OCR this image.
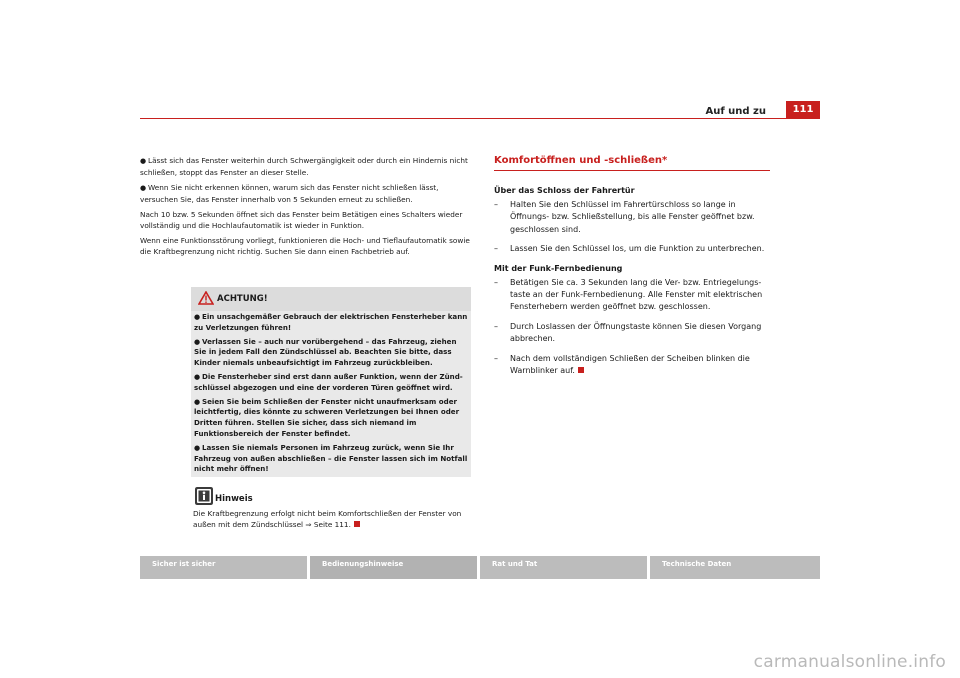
Auf und zu	111

● Lässt sich das Fenster weiterhin durch Schwergängigkeit oder durch ein Hindernis nicht schließen, stoppt das Fenster an dieser Stelle.

● Wenn Sie nicht erkennen können, warum sich das Fenster nicht schließen lässt, versuchen Sie, das Fenster innerhalb von 5 Sekunden erneut zu schließen.

Nach 10 bzw. 5 Sekunden öffnet sich das Fenster beim Betätigen eines Schalters wieder vollständig und die Hochlaufautomatik ist wieder in Funktion.

Wenn eine Funktionsstörung vorliegt, funktionieren die Hoch- und Tieflaufautomatik sowie die Kraftbegrenzung nicht richtig. Suchen Sie dann einen Fachbetrieb auf.

ACHTUNG!

● Ein unsachgemäßer Gebrauch der elektrischen Fensterheber kann zu Verletzungen führen!

● Verlassen Sie – auch nur vorübergehend – das Fahrzeug, ziehen Sie in jedem Fall den Zündschlüssel ab. Beachten Sie bitte, dass Kinder niemals unbeaufsichtigt im Fahrzeug zurückbleiben.

● Die Fensterheber sind erst dann außer Funktion, wenn der Zündschlüssel abgezogen und eine der vorderen Türen geöffnet wird.

● Seien Sie beim Schließen der Fenster nicht unaufmerksam oder leichtfertig, dies könnte zu schweren Verletzungen bei Ihnen oder Dritten führen. Stellen Sie sicher, dass sich niemand im Funktionsbereich der Fenster befindet.

● Lassen Sie niemals Personen im Fahrzeug zurück, wenn Sie Ihr Fahrzeug von außen abschließen – die Fenster lassen sich im Notfall nicht mehr öffnen!

Hinweis
Die Kraftbegrenzung erfolgt nicht beim Komfortschließen der Fenster von außen mit dem Zündschlüssel ⇒ Seite 111.
Komfortöffnen und -schließen*
Über das Schloss der Fahrertür
– Halten Sie den Schlüssel im Fahrertürschloss so lange in Öffnungs- bzw. Schließstellung, bis alle Fenster geöffnet bzw. geschlossen sind.
– Lassen Sie den Schlüssel los, um die Funktion zu unterbrechen.
Mit der Funk-Fernbedienung
– Betätigen Sie ca. 3 Sekunden lang die Ver- bzw. Entriegelungstaste an der Funk-Fernbedienung. Alle Fenster mit elektrischen Fensterhebern werden geöffnet bzw. geschlossen.
– Durch Loslassen der Öffnungstaste können Sie diesen Vorgang abbrechen.
– Nach dem vollständigen Schließen der Scheiben blinken die Warnblinker auf.
Sicher ist sicher	Bedienungshinweise	Rat und Tat	Technische Daten
carmanualsonline.info
